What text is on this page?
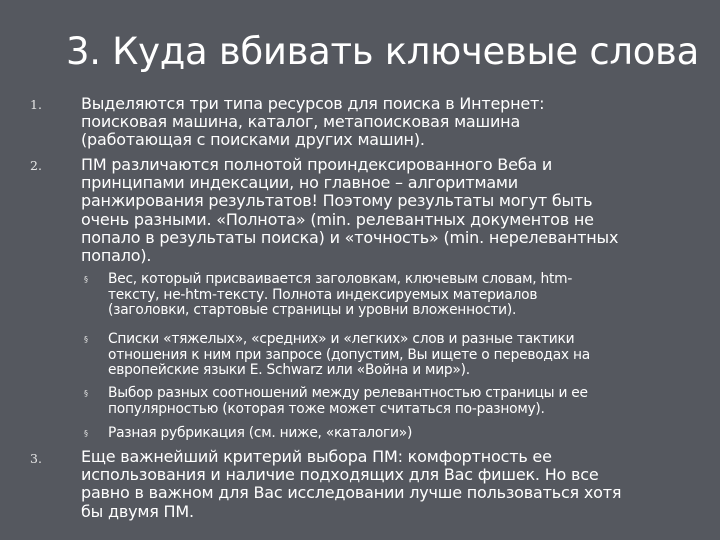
3. Куда вбивать ключевые слова
1. Выделяются три типа ресурсов для поиска в Интернет:
поисковая машина, каталог, метапоисковая машина
(работающая с поисками других машин).
2. ПМ различаются полнотой проиндексированного Веба и
принципами индексации, но главное – алгоритмами
ранжирования результатов! Поэтому результаты могут быть
очень разными. «Полнота» (min. релевантных документов не
попало в результаты поиска) и «точность» (min. нерелевантных
попало).
§ Вес, который присваивается заголовкам, ключевым словам, htm-
тексту, не-htm-тексту. Полнота индексируемых материалов
(заголовки, стартовые страницы и уровни вложенности).
§ Списки «тяжелых», «средних» и «легких» слов и разные тактики
отношения к ним при запросе (допустим, Вы ищете о переводах на
европейские языки E. Schwarz или «Война и мир»).
§ Выбор разных соотношений между релевантностью страницы и ее
популярностью (которая тоже может считаться по-разному).
§ Разная рубрикация (см. ниже, «каталоги»)
3. Еще важнейший критерий выбора ПМ: комфортность ее
использования и наличие подходящих для Вас фишек. Но все
равно в важном для Вас исследовании лучше пользоваться хотя
бы двумя ПМ.
